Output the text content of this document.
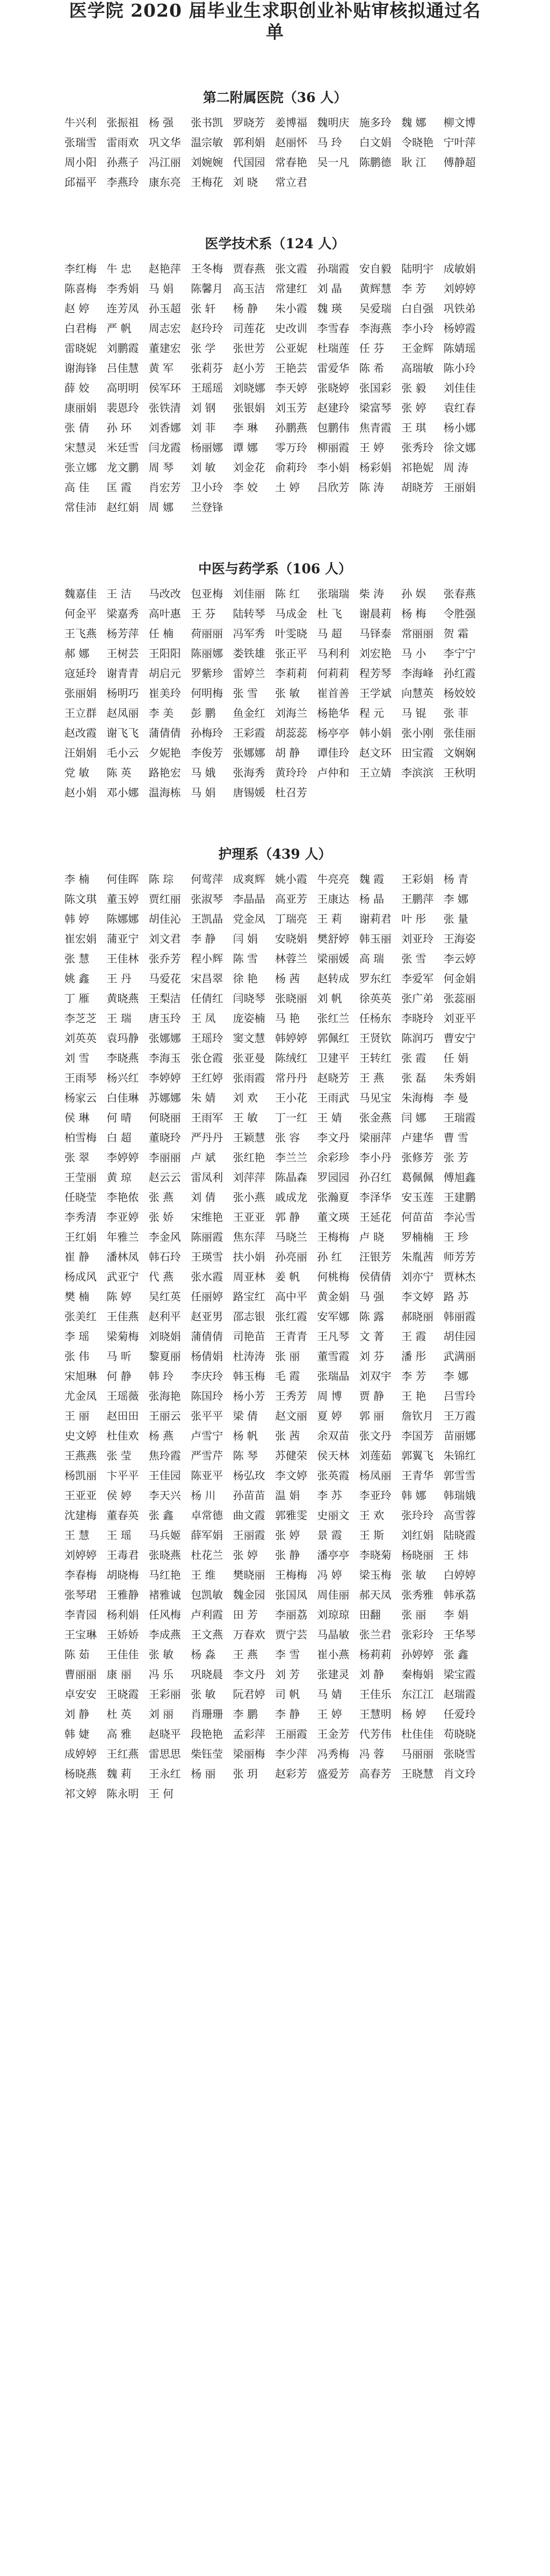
医学院 2020 届毕业生求职创业补贴审核拟通过名单
第二附属医院（36 人）
牛兴利 张振祖 杨 强	张书凯 罗晓芳 姜博福 魏明庆 施多玲 魏 娜	柳文博
张瑞雪 雷雨欢 巩文华 温宗敏 郭利娟 赵丽怀 马 玲	白文娟 令晓艳 宁叶萍
周小阳 孙燕子 冯江丽 刘婉婉 代国园 常春艳 吴一凡 陈鹏德 耿 江	傅静超
邱福平 李燕玲 康东亮 王梅花 刘 晓	常立君
医学技术系（124 人）
李红梅 牛 忠	赵艳萍 王冬梅 贾春燕 张文霞 孙瑞霞 安自毅 陆明宇 成敏娟
陈喜梅 李秀娟 马 娟	陈馨月 高玉洁 常建红 刘 晶	黄辉慧 李 芳	刘婷婷
赵 婷	连芳凤 孙玉超 张 轩	杨 静	朱小霞 魏 瑛	吴爱瑞 白自强 巩铁弟
白君梅 严 帆	周志宏 赵玲玲 司莲花 史改训 李雪春 李海燕 李小玲 杨婷霞
雷晓妮 刘鹏霞 董建宏 张 学	张世芳 公亚妮 杜瑞莲 任 芬	王金辉 陈婧瑶
谢海锋 吕佳慧 黄 军	张莉芬 赵小芳 王艳芸 雷爱华 陈 希	高瑞敏 陈小玲
薛 姣	高明明 侯军环 王瑶瑶 刘晓娜 李天婷 张晓婷 张国彩 张 毅	刘佳佳
康丽娟 裴恩玲 张铁清 刘 钢	张银娟 刘玉芳 赵建玲 梁富琴 张 婷	袁红春
张 倩	孙 环	刘香娜 刘 菲	李 琳	孙鹏燕 包鹏伟 焦青霞 王 琪	杨小娜
宋慧灵 米廷雪 闫龙霞 杨丽娜 谭 娜	零万玲 柳丽霞 王 婷	张秀玲 徐文娜
张立娜 龙文鹏 周 琴	刘 敏	刘金花 俞莉玲 李小娟 杨彩娟 祁艳妮 周 涛
高 佳	匡 霞	肖宏芳 卫小玲 李 姣	土 婷	吕欣芳 陈 涛	胡晓芳 王丽娟
常佳沛 赵红娟 周 娜	兰登锋
中医与药学系（106 人）
魏嘉佳 王 洁	马改改 包亚梅 刘佳丽 陈 红	张瑞瑞 柴 涛	孙 娱	张春燕
何金平 梁嘉秀 高叶惠 王 芬	陆转琴 马成金 杜 飞	谢晨莉 杨 梅	令胜强
王飞燕 杨芳萍 任 楠	荷丽丽 冯军秀 叶雯晓 马 超	马铎泰 常丽丽 贺 霜
郝 娜	王树芸 王阳阳 陈丽娜 娄铁雄 张正平 马利利 刘宏艳 马 小	李宁宁
寇延玲 谢青青 胡启元 罗紫珍 雷婷兰 李莉莉 何莉莉 程芳琴 李海峰 孙红霞
张丽娟 杨明巧 崔美玲 何明梅 张 雪	张 敏	崔首善 王学斌 向慧英 杨姣姣
王立群 赵凤丽 李 美	彭 鹏	鱼金红 刘海兰 杨艳华 程 元	马 锟	张 菲
赵改霞 谢飞飞 蒲倩倩 孙梅玲 王彩霞 胡蕊蕊 杨亭亭 韩小娟 张小刚 张佳丽
汪娟娟 毛小云 夕妮艳 李俊芳 张娜娜 胡 静	谭佳玲 赵文环 田宝霞 文娴娴
党 敏	陈 英	路艳宏 马 娥	张海秀 黄玲玲 卢仲和 王立婧 李滨滨 王秋明
赵小娟 邓小娜 温海栋 马 娟	唐锡媛 杜召芳
护理系（439 人）
李 楠	何佳晖 陈 琮	何莺萍 成爽辉 姚小霞 牛亮亮 魏 霞	王彩娟 杨 青
陈文琪 董玉婷 贾红丽 张淑琴 李晶晶 高亚芳 王康达 杨 晶	王鹏萍 李 娜
韩 婷	陈娜娜 胡佳沁 王凯晶 党金凤 丁瑞亮 王 莉	谢莉君 叶 彤	张 量
崔宏娟 蒲亚宁 刘文君 李 静	闫 娟	安晓娟 樊舒婷 韩玉丽 刘亚玲 王海姿
张 慧	王佳林 张乔芳 程小辉 陈 雪	林蓉兰 梁丽媛 高 瑞	张 雪	李云婷
姚 鑫	王 丹	马爱花 宋昌翠 徐 艳	杨 茜	赵转成 罗东红 李爱军 何金娟
丁 雁	黄晓燕 王梨洁 任倩红 闫晓琴 张晓丽 刘 帆	徐英英 张广弟 张蕊丽
李芝芝 王 瑞	唐玉玲 王 凤	庞姿楠 马 艳	张红兰 任杨东 李晓玲 刘亚平
刘英英 袁玛静 张娜娜 王瑶玲 窦文慧 韩婷婷 郭佩红 王贤钦 陈润巧 曹安宁
刘 雪	李晓燕 李海玉 张仓霞 张亚曼 陈绒红 卫建平 王转红 张 霞	任 娟
王雨琴 杨兴红 李婷婷 王红婷 张雨霞 常丹丹 赵晓芳 王 燕	张 磊	朱秀娟
杨家云 白佳琳 苏娜娜 朱 婧	刘 欢	王小花 王雨武 马见宝 朱海梅 李 曼
侯 琳	何 晴	何晓丽 王雨军 王 敏	丁一红 王 婧	张金燕 闫 娜	王瑞霞
柏雪梅 白 超	董晓玲 严丹丹 王颖慧 张 容	李文丹 梁丽萍 卢建华 曹 雪
张 翠	李婷婷 李丽丽 卢 斌	张红艳 李兰兰 余彩珍 李小丹 张修芳 张 芳
王莹丽 黄 琼	赵云云 雷凤利 刘萍萍 陈晶森 罗园园 孙召红 葛佩佩 傅旭鑫
任晓莹 李艳侬 张 燕	刘 倩	张小燕 戚成龙 张瀚夏 李泽华 安玉莲 王建鹏
李秀清 李亚婷 张 娇	宋维艳 王亚亚 郭 静	董文瑛 王延花 何苗苗 李沁雪
王红娟 年雅兰 李金风 陈丽霞 焦东萍 马晓兰 王梅梅 卢 晓	罗楠楠 王 珍
崔 静	潘林凤 韩石玲 王瑛雪 扶小娟 孙亮丽 孙 红	汪银芳 朱胤茜 师芳芳
杨成风 武亚宁 代 燕	张水霞 周亚林 姜 帆	何桃梅 侯倩倩 刘亦宁 贾林杰
樊 楠	陈 婷	吴红英 任丽婷 路宝红 高中平 黄金娟 马 强	李文婷 路 苏
张美红 王佳燕 赵利平 赵亚男 邵志银 张红霞 安军娜 陈 露	郝晓丽 韩丽霞
李 瑶	梁菊梅 刘晓娟 蒲倩倩 司艳苗 王青青 王凡琴 文 菁	王 霞	胡佳园
张 伟	马 昕	黎夏丽 杨倩娟 杜涛涛 张 丽	董雪霞 刘 芬	潘 彤	武满丽
宋旭琳 何 静	韩 玲	李庆玲 韩玉梅 毛 霞	张瑞晶 刘双宇 李 芳	李 娜
尤金凤 王瑶薇 张海艳 陈国玲 杨小芳 王秀芳 周 博	贾 静	王 艳	吕雪玲
王 丽	赵田田 王丽云 张平平 梁 倩	赵文丽 夏 婷	郭 丽	詹钦月 王万霞
史文婷 杜佳欢 杨 燕	卢雪宁 杨 帆	张 茜	余双苗 张文丹 李国芳 苗丽娜
王燕燕 张 莹	焦玲霞 严雪芹 陈 琴	苏健荣 侯天林 刘莲茹 郭翼飞 朱锦红
杨凯丽 卞平平 王佳园 陈亚平 杨弘玫 李文婷 张英霞 杨凤丽 王青华 郭雪雪
王亚亚 侯 婷	李天兴 杨 川	孙苗苗 温 娟	李 苏	李亚玲 韩 娜	韩瑞娥
沈建梅 董春英 张 鑫	卓常德 曲文霞 郭雅雯 史丽文 王 欢	张玲玲 高雪蓉
王 慧	王 瑶	马兵姬 薛军娟 王丽霞 张 婷	景 霞	王 斯	刘红娟 陆晓霞
刘婷婷 王毒君 张晓燕 杜花兰 张 婷	张 静	潘亭亭 李晓菊 杨晓丽 王 炜
李春梅 胡晓梅 马红艳 王 维	樊晓丽 王梅梅 冯 婷	梁玉梅 张 敏	白婷婷
张琴珺 王雅静 褚雅诚 包凯敏 魏金园 张国凤 周佳丽 郝天凤 张秀雅 韩承荔
李青园 杨利娟 任风梅 卢利霞 田 芳	李丽荔 刘琼琼 田翻	张 丽	李 娟
王宝琳 王娇娇 李成燕 王文燕 万春欢 贾宁芸 马晶敏 张兰君 张彩玲 王华琴
陈 茹	王佳佳 张 敏	杨 淼	王 燕	李 雪	崔小燕 杨莉莉 孙婷婷 张 鑫
曹丽丽 康 丽	冯 乐	巩晓晨 李文丹 刘 芳	张建灵 刘 静	秦梅娟 梁宝霞
卓安安 王晓霞 王彩丽 张 敏	阮君婷 司 帆	马 婧	王佳乐 东江江 赵瑞霞
刘 静	杜 英	刘 丽	肖珊珊 李 鹏	李 静	王 婷	王慧明 杨 婷	任爱玲
韩 婕	高 雅	赵晓平 段艳艳 孟彩萍 王丽霞 王金芳 代芳伟 杜佳佳 苟晓晓
成婷婷 王红燕 雷思思 柴钰莹 梁丽梅 李少萍 冯秀梅 冯 蓉	马丽丽 张晓雪
杨晓燕 魏 莉	王永红 杨 丽	张 玥	赵彩芳 盛爱芳 高春芳 王晓慧 肖文玲
祁文婷 陈永明 王 何
